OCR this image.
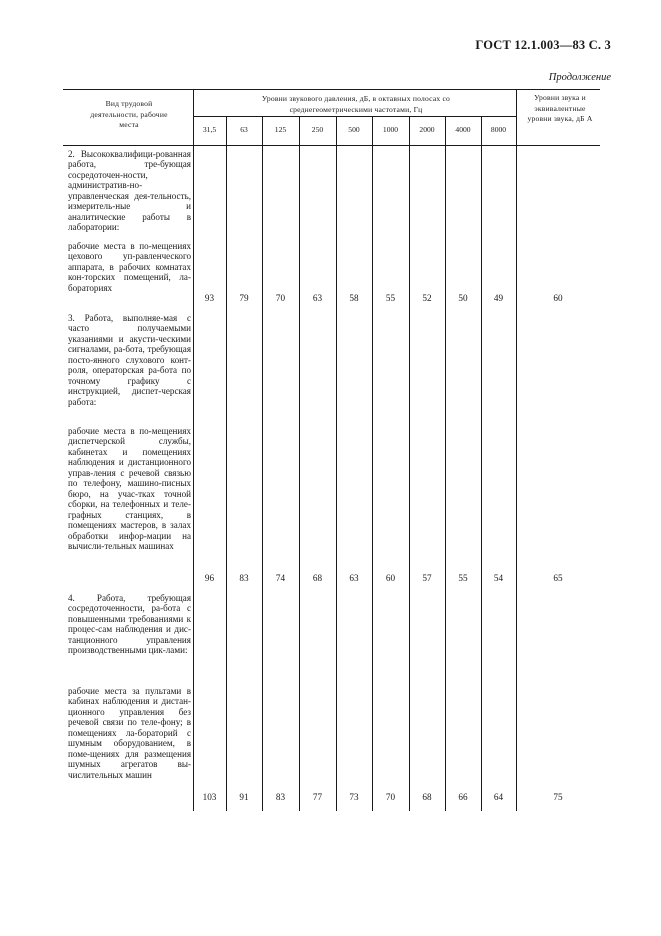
ГОСТ 12.1.003—83 С. 3
Продолжение
Вид трудовой деятельности, рабочие места
Уровни звукового давления, дБ, в октавных полосах со среднегеометрическими частотами, Гц
Уровни звука и эквивалентные уровни звука, дБ А
31,5	63	125	250	500	1000	2000	4000	8000
2. Высококвалифици-рованная работа, тре-бующая сосредоточен-ности, административ-но-управленческая дея-тельность, измеритель-ные и аналитические работы в лаборатории:
рабочие места в по-мещениях цехового уп-равленческого аппарата, в рабочих комнатах кон-торских помещений, ла-бораториях
93	79	70	63	58	55	52	50	49	60
3. Работа, выполняе-мая с часто получаемыми указаниями и акусти-ческими сигналами, ра-бота, требующая посто-янного слухового конт-роля, операторская ра-бота по точному графику с инструкцией, диспет-черская работа:
рабочие места в по-мещениях диспетчерской службы, кабинетах и помещениях наблюдения и дистанционного управ-ления с речевой связью по телефону, машино-писных бюро, на учас-тках точной сборки, на телефонных и теле-графных станциях, в помещениях мастеров, в залах обработки инфор-мации на вычисли-тельных машинах
96	83	74	68	63	60	57	55	54	65
4. Работа, требующая сосредоточенности, ра-бота с повышенными требованиями к процес-сам наблюдения и дис-танционного управления производственными цик-лами:
рабочие места за пультами в кабинах наблюдения и дистан-ционного управления без речевой связи по теле-фону; в помещениях ла-бораторий с шумным оборудованием, в поме-щениях для размещения шумных агрегатов вы-числительных машин
103	91	83	77	73	70	68	66	64	75
